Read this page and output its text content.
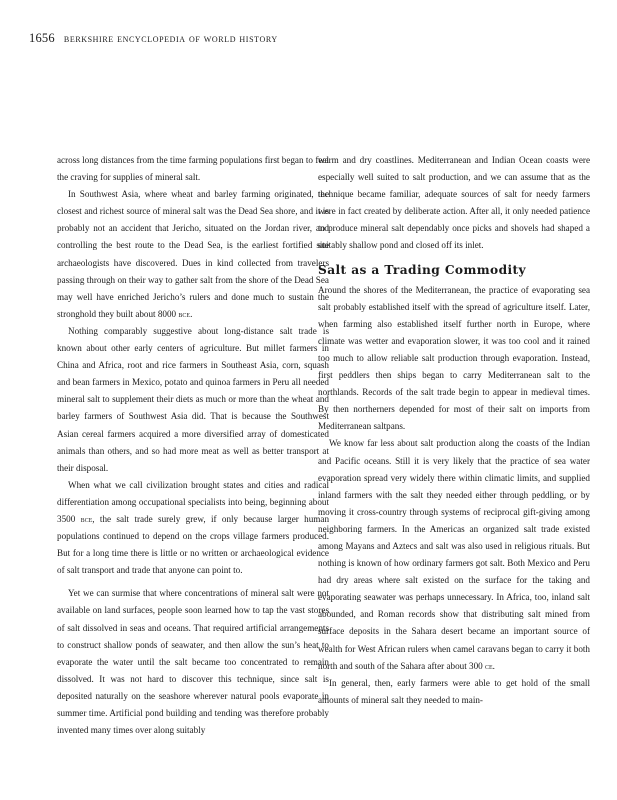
1656 berkshire encyclopedia of world history

across long distances from the time farming populations first began to feel the craving for supplies of mineral salt.

In Southwest Asia, where wheat and barley farming originated, the closest and richest source of mineral salt was the Dead Sea shore, and it is probably not an accident that Jericho, situated on the Jordan river, and controlling the best route to the Dead Sea, is the earliest fortified site archaeologists have discovered. Dues in kind collected from travelers passing through on their way to gather salt from the shore of the Dead Sea may well have enriched Jericho’s rulers and done much to sustain the stronghold they built about 8000 bce.

Nothing comparably suggestive about long-distance salt trade is known about other early centers of agriculture. But millet farmers in China and Africa, root and rice farmers in Southeast Asia, corn, squash and bean farmers in Mexico, potato and quinoa farmers in Peru all needed mineral salt to supplement their diets as much or more than the wheat and barley farmers of Southwest Asia did. That is because the Southwest Asian cereal farmers acquired a more diversified array of domesticated animals than others, and so had more meat as well as better transport at their disposal.

When what we call civilization brought states and cities and radical differentiation among occupational specialists into being, beginning about 3500 bce, the salt trade surely grew, if only because larger human populations continued to depend on the crops village farmers produced. But for a long time there is little or no written or archaeological evidence of salt transport and trade that anyone can point to.

Yet we can surmise that where concentrations of mineral salt were not available on land surfaces, people soon learned how to tap the vast stores of salt dissolved in seas and oceans. That required artificial arrangements to construct shallow ponds of seawater, and then allow the sun’s heat to evaporate the water until the salt became too concentrated to remain dissolved. It was not hard to discover this technique, since salt is deposited naturally on the seashore wherever natural pools evaporate in summer time. Artificial pond building and tending was therefore probably invented many times over along suitably

warm and dry coastlines. Mediterranean and Indian Ocean coasts were especially well suited to salt production, and we can assume that as the technique became familiar, adequate sources of salt for needy farmers were in fact created by deliberate action. After all, it only needed patience to produce mineral salt dependably once picks and shovels had shaped a suitably shallow pond and closed off its inlet.

Salt as a Trading Commodity

Around the shores of the Mediterranean, the practice of evaporating sea salt probably established itself with the spread of agriculture itself. Later, when farming also established itself further north in Europe, where climate was wetter and evaporation slower, it was too cool and it rained too much to allow reliable salt production through evaporation. Instead, first peddlers then ships began to carry Mediterranean salt to the northlands. Records of the salt trade begin to appear in medieval times. By then northerners depended for most of their salt on imports from Mediterranean saltpans.

We know far less about salt production along the coasts of the Indian and Pacific oceans. Still it is very likely that the practice of sea water evaporation spread very widely there within climatic limits, and supplied inland farmers with the salt they needed either through peddling, or by moving it cross-country through systems of reciprocal gift-giving among neighboring farmers. In the Americas an organized salt trade existed among Mayans and Aztecs and salt was also used in religious rituals. But nothing is known of how ordinary farmers got salt. Both Mexico and Peru had dry areas where salt existed on the surface for the taking and evaporating seawater was perhaps unnecessary. In Africa, too, inland salt abounded, and Roman records show that distributing salt mined from surface deposits in the Sahara desert became an important source of wealth for West African rulers when camel caravans began to carry it both north and south of the Sahara after about 300 ce.

In general, then, early farmers were able to get hold of the small amounts of mineral salt they needed to main-
